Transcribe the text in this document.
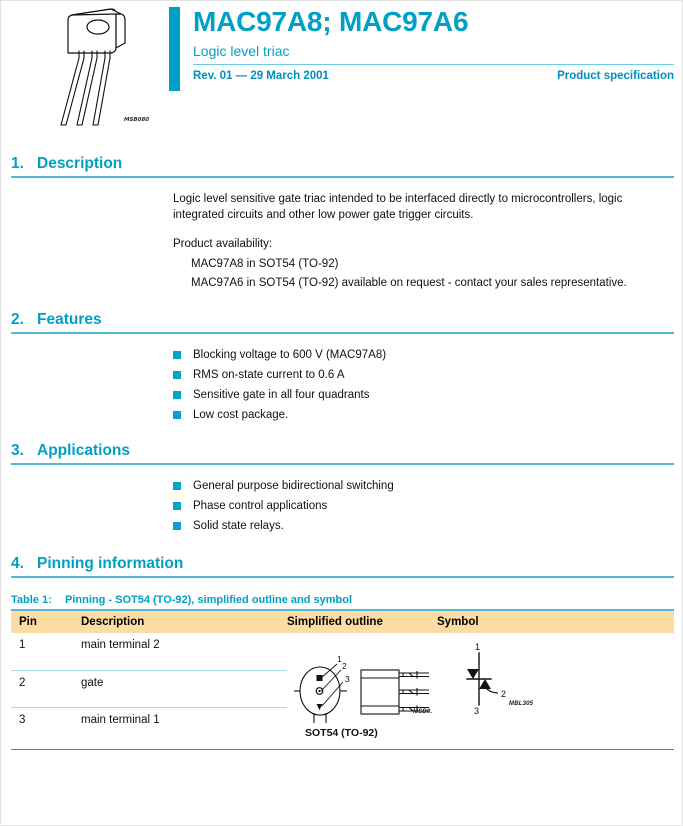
MSB080
MAC97A8; MAC97A6
Logic level triac
Rev. 01 — 29 March 2001	Product specification
1. Description

Logic level sensitive gate triac intended to be interfaced directly to microcontrollers, logic integrated circuits and other low power gate trigger circuits.

Product availability:

MAC97A8 in SOT54 (TO-92)

MAC97A6 in SOT54 (TO-92) available on request - contact your sales representative.

2. Features
Blocking voltage to 600 V (MAC97A8)
RMS on-state current to 0.6 A
Sensitive gate in all four quadrants
Low cost package.
3. Applications
General purpose bidirectional switching
Phase control applications
Solid state relays.
4. Pinning information
Table 1: Pinning - SOT54 (TO-92), simplified outline and symbol
Pin	Description	Simplified outline	Symbol
1	main terminal 2	
1
2
3
MSB0.
SOT54 (TO-92)

1
2
3
MBL305

2	gate		
3	main terminal 1		
